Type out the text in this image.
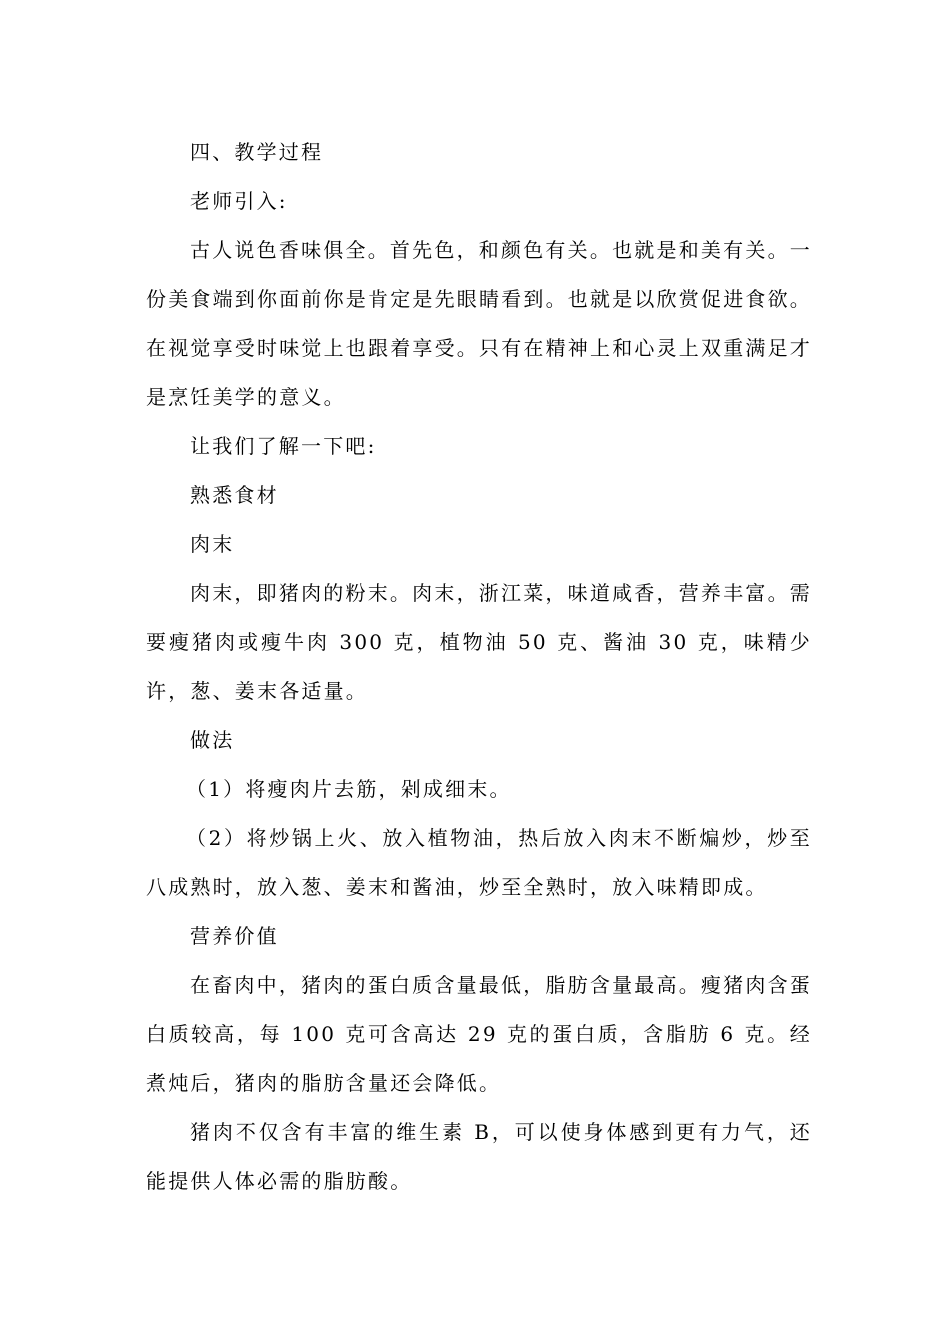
四、教学过程

老师引入:

古人说色香味俱全。首先色，和颜色有关。也就是和美有关。一份美食端到你面前你是肯定是先眼睛看到。也就是以欣赏促进食欲。在视觉享受时味觉上也跟着享受。只有在精神上和心灵上双重满足才是烹饪美学的意义。

让我们了解一下吧:

熟悉食材

肉末

肉末，即猪肉的粉末。肉末，浙江菜，味道咸香，营养丰富。需要瘦猪肉或瘦牛肉 300 克，植物油 50 克、酱油 30 克，味精少许，葱、姜末各适量。

做法

（1）将瘦肉片去筋，剁成细末。

（2）将炒锅上火、放入植物油，热后放入肉末不断煸炒，炒至八成熟时，放入葱、姜末和酱油，炒至全熟时，放入味精即成。

营养价值

在畜肉中，猪肉的蛋白质含量最低，脂肪含量最高。瘦猪肉含蛋白质较高，每 100 克可含高达 29 克的蛋白质，含脂肪 6 克。经煮炖后，猪肉的脂肪含量还会降低。

猪肉不仅含有丰富的维生素 B，可以使身体感到更有力气，还能提供人体必需的脂肪酸。
